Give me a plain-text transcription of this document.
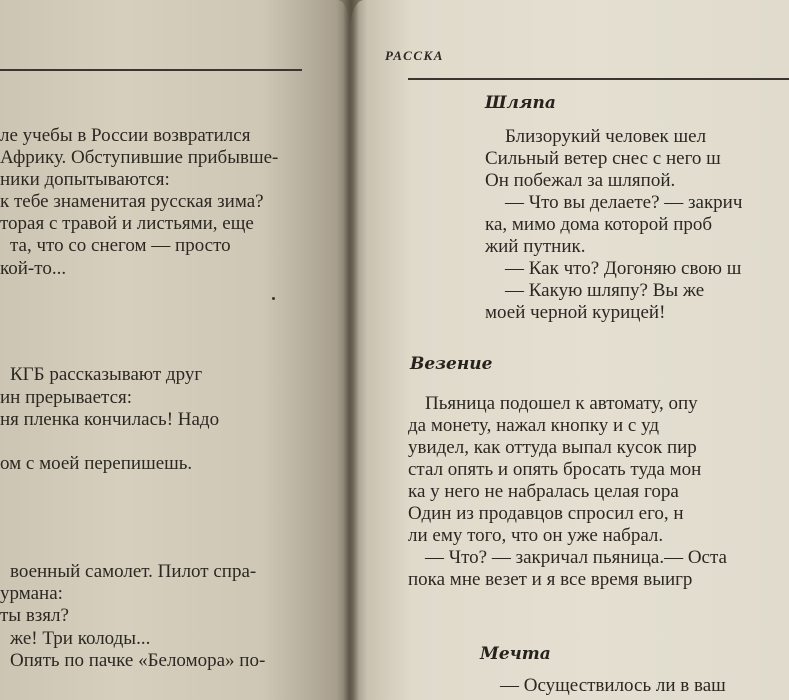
ле учебы в России возвратился
Африку. Обступившие прибывше-
ники допытываются:
к тебе знаменитая русская зима?
торая с травой и листьями, еще
та, что со снегом — просто
кой-то...
КГБ рассказывают друг
ин прерывается:
ня пленка кончилась! Надо
ом с моей перепишешь.
военный самолет. Пилот спра-
урмана:
ты взял?
же! Три колоды...
Опять по пачке «Беломора» по-
Шляпа
Близорукий человек шел
Сильный ветер снес с него ш
Он побежал за шляпой.
— Что вы делаете? — закрич
ка, мимо дома которой проб
жий путник.
— Как что? Догоняю свою ш
— Какую шляпу? Вы же
моей черной курицей!
Везение
Пьяница подошел к автомату, опу
да монету, нажал кнопку и с уд
увидел, как оттуда выпал кусок пир
стал опять и опять бросать туда мон
ка у него не набралась целая гора
Один из продавцов спросил его, н
ли ему того, что он уже набрал.
— Что? — закричал пьяница.— Оста
пока мне везет и я все время выигр
Мечта
— Осуществилось ли в ваш
РАССКА
